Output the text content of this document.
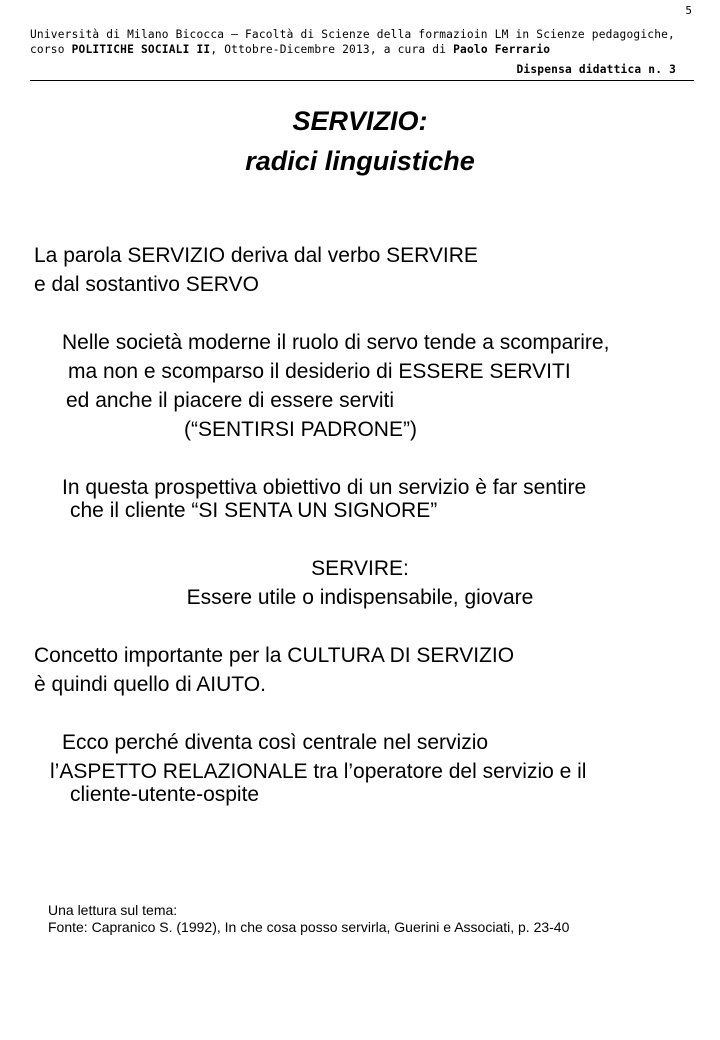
5
Università di Milano Bicocca – Facoltà di Scienze della formazioin LM in Scienze pedagogiche,
corso POLITICHE SOCIALI II, Ottobre-Dicembre 2013, a cura di Paolo Ferrario
Dispensa didattica n. 3
SERVIZIO:
radici linguistiche
La parola SERVIZIO deriva dal verbo SERVIRE
e dal sostantivo SERVO
Nelle società moderne il ruolo di servo tende a scomparire,
ma non e scomparso il desiderio di ESSERE SERVITI
ed anche il piacere di essere serviti
(“SENTIRSI PADRONE”)
In questa prospettiva obiettivo di un servizio è far sentire
che il cliente “SI SENTA UN SIGNORE”
SERVIRE:
Essere utile o indispensabile, giovare
Concetto importante per la CULTURA DI SERVIZIO
è quindi quello di AIUTO.
Ecco perché diventa così centrale nel servizio
l’ASPETTO RELAZIONALE tra l’operatore del servizio e il
cliente-utente-ospite
Una lettura sul tema:
Fonte: Capranico S. (1992), In che cosa posso servirla, Guerini e Associati, p. 23-40
